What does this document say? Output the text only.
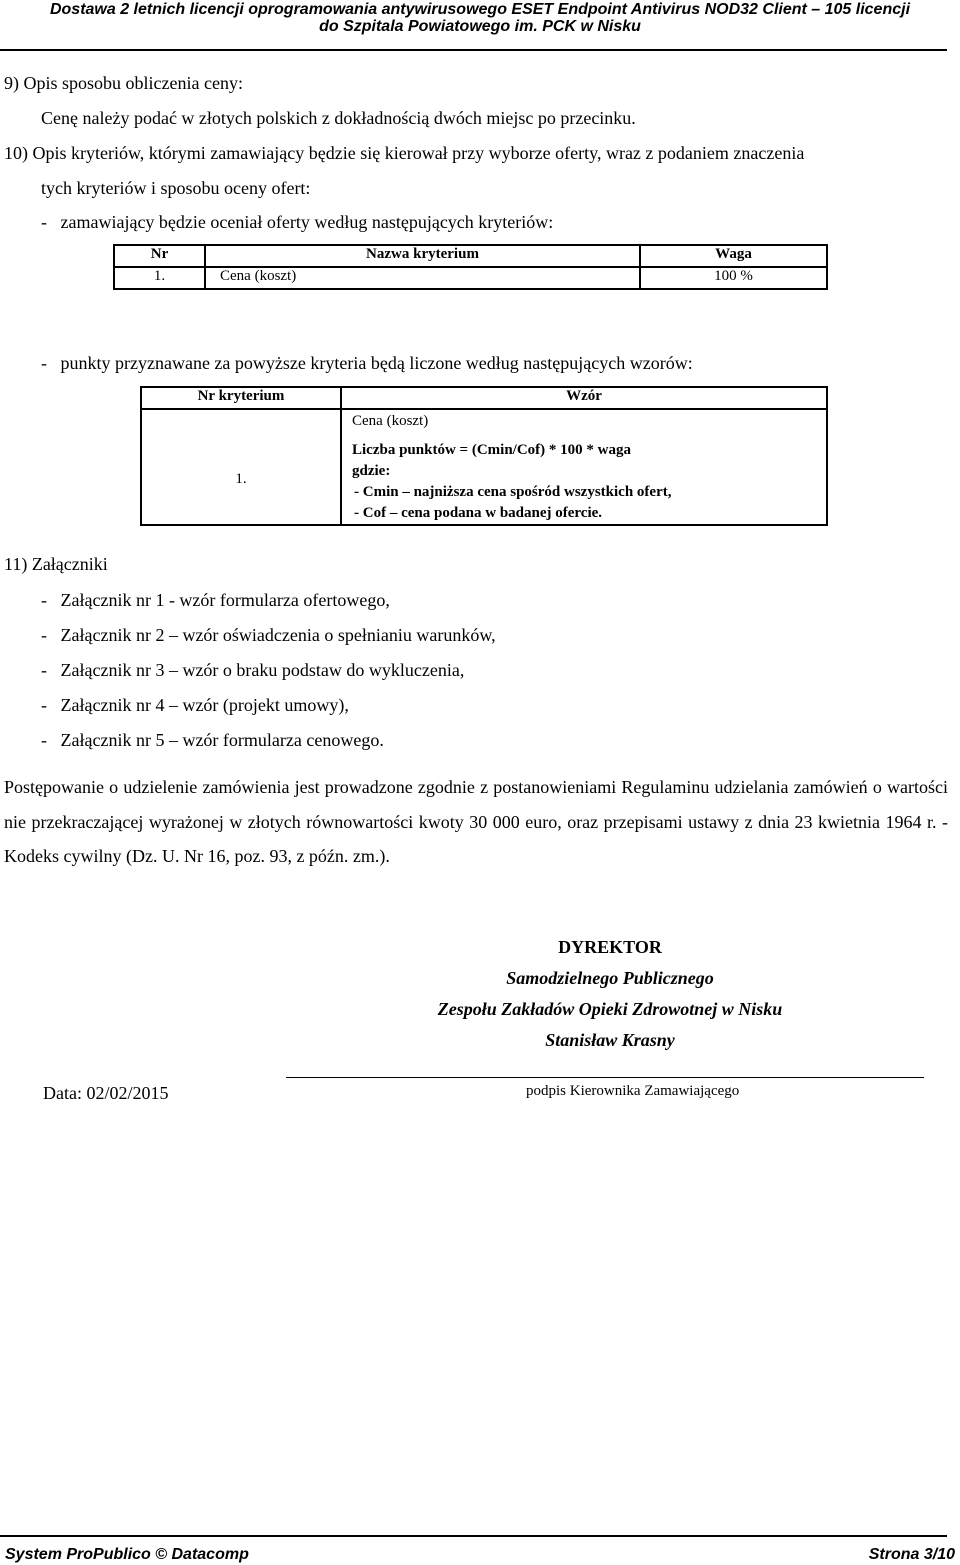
Dostawa 2 letnich licencji oprogramowania antywirusowego ESET Endpoint Antivirus NOD32 Client – 105 licencji
do Szpitala Powiatowego im. PCK w Nisku
9) Opis sposobu obliczenia ceny:
Cenę należy podać w złotych polskich z dokładnością dwóch miejsc po przecinku.
10) Opis kryteriów, którymi zamawiający będzie się kierował przy wyborze oferty, wraz z podaniem znaczenia
tych kryteriów i sposobu oceny ofert:
-   zamawiający będzie oceniał oferty według następujących kryteriów:
Nr	Nazwa kryterium	Waga
1.	Cena (koszt)	100 %
-   punkty przyznawane za powyższe kryteria będą liczone według następujących wzorów:
Nr kryterium	Wzór
1.	Cena (koszt)
Liczba punktów = (Cmin/Cof) * 100 * waga
gdzie:
- Cmin – najniższa cena spośród wszystkich ofert,
- Cof – cena podana w badanej ofercie.
11) Załączniki
-   Załącznik nr 1 - wzór formularza ofertowego,
-   Załącznik nr 2 – wzór oświadczenia o spełnianiu warunków,
-   Załącznik nr 3 – wzór o braku podstaw do wykluczenia,
-   Załącznik nr 4 – wzór (projekt umowy),
-   Załącznik nr 5 – wzór formularza cenowego.
Postępowanie o udzielenie zamówienia jest prowadzone zgodnie z postanowieniami Regulaminu udzielania zamówień o wartości nie przekraczającej wyrażonej w złotych równowartości kwoty 30 000 euro, oraz przepisami ustawy z dnia 23 kwietnia 1964 r. - Kodeks cywilny (Dz. U. Nr 16, poz. 93, z późn. zm.).
DYREKTOR
Samodzielnego Publicznego
Zespołu Zakładów Opieki Zdrowotnej w Nisku
Stanisław Krasny
Data: 02/02/2015	podpis Kierownika Zamawiającego
System ProPublico © Datacomp	Strona 3/10
